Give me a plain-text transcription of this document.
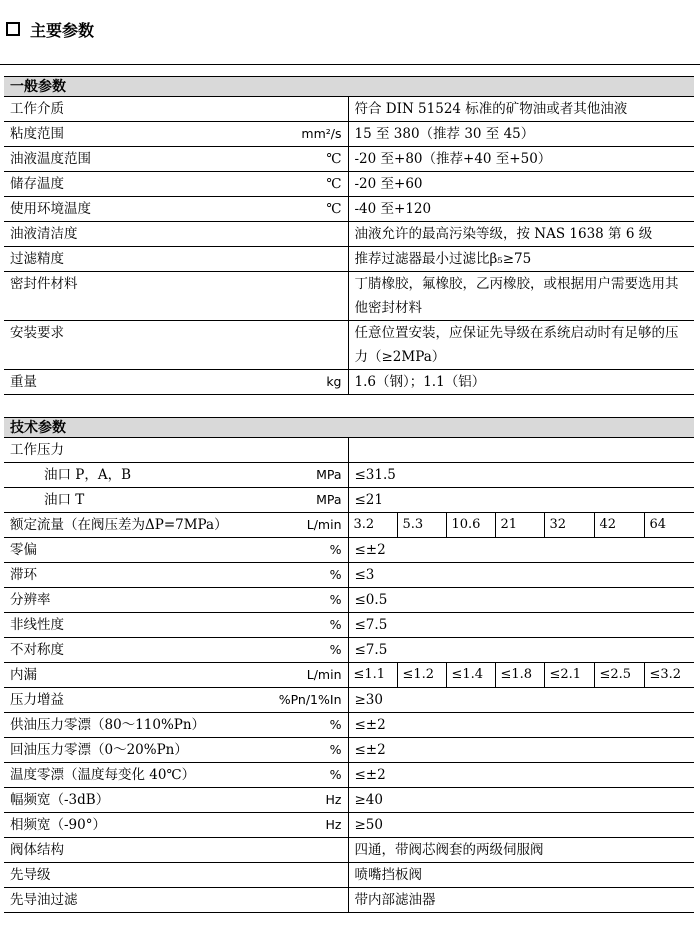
主要参数
一般参数
工作介质	符合 DIN 51524 标准的矿物油或者其他油液
粘度范围 mm²/s	15 至 380（推荐 30 至 45）
油液温度范围 ℃	-20 至+80（推荐+40 至+50）
储存温度 ℃	-20 至+60
使用环境温度 ℃	-40 至+120
油液清洁度	油液允许的最高污染等级，按 NAS 1638 第 6 级
过滤精度	推荐过滤器最小过滤比β₅≥75
密封件材料	丁腈橡胶，氟橡胶，乙丙橡胶，或根据用户需要选用其他密封材料
安装要求	任意位置安装，应保证先导级在系统启动时有足够的压力（≥2MPa）
重量 kg	1.6（钢）；1.1（铝）
技术参数
工作压力							
油口 P，A，B MPa	≤31.5						
油口 T MPa	≤21						
额定流量（在阀压差为ΔP=7MPa） L/min	3.2	5.3	10.6	21	32	42	64
零偏 %	≤±2						
滞环 %	≤3						
分辨率 %	≤0.5						
非线性度 %	≤7.5						
不对称度 %	≤7.5						
内漏 L/min	≤1.1	≤1.2	≤1.4	≤1.8	≤2.1	≤2.5	≤3.2
压力增益 %Pn/1%In	≥30						
供油压力零漂（80～110%Pn） %	≤±2						
回油压力零漂（0～20%Pn） %	≤±2						
温度零漂（温度每变化 40℃） %	≤±2						
幅频宽（-3dB） Hz	≥40						
相频宽（-90°） Hz	≥50						
阀体结构	四通，带阀芯阀套的两级伺服阀						
先导级	喷嘴挡板阀						
先导油过滤	带内部滤油器						
